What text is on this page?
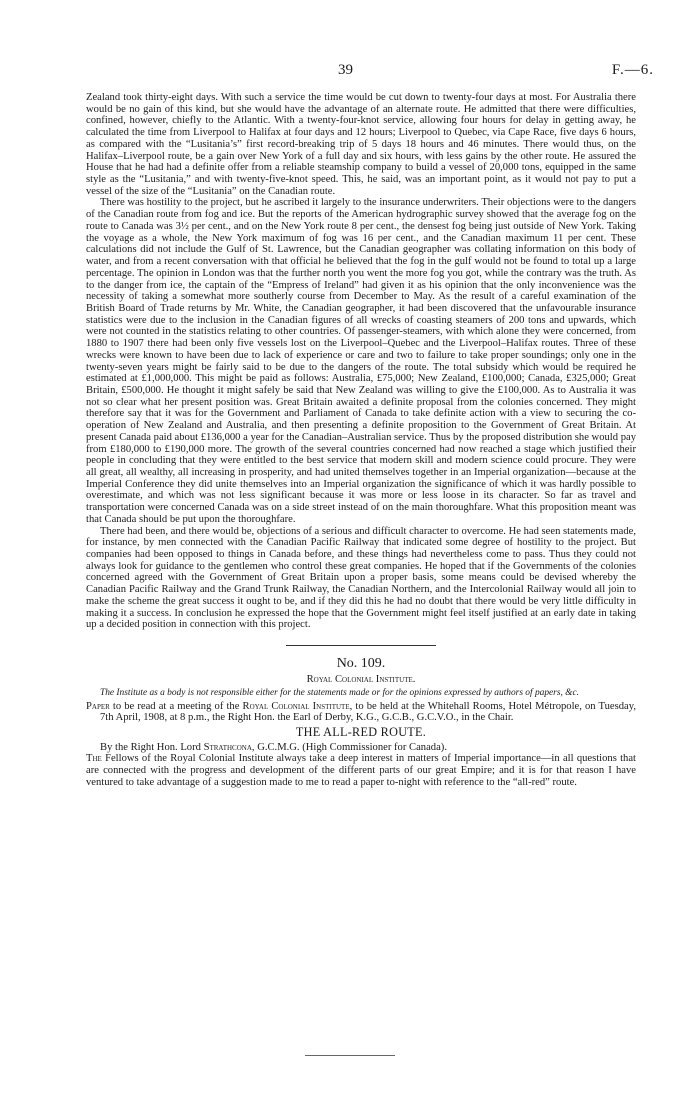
39	F.—6.

Zealand took thirty-eight days. With such a service the time would be cut down to twenty-four days at most. For Australia there would be no gain of this kind, but she would have the advantage of an alternate route. He admitted that there were difficulties, confined, however, chiefly to the Atlantic. With a twenty-four-knot service, allowing four hours for delay in getting away, he calculated the time from Liverpool to Halifax at four days and 12 hours; Liverpool to Quebec, via Cape Race, five days 6 hours, as compared with the “Lusitania’s” first record-breaking trip of 5 days 18 hours and 46 minutes. There would thus, on the Halifax–Liverpool route, be a gain over New York of a full day and six hours, with less gains by the other route. He assured the House that he had had a definite offer from a reliable steamship company to build a vessel of 20,000 tons, equipped in the same style as the “Lusitania,” and with twenty-five-knot speed. This, he said, was an important point, as it would not pay to put a vessel of the size of the “Lusitania” on the Canadian route.

There was hostility to the project, but he ascribed it largely to the insurance underwriters. Their objections were to the dangers of the Canadian route from fog and ice. But the reports of the American hydrographic survey showed that the average fog on the route to Canada was 3½ per cent., and on the New York route 8 per cent., the densest fog being just outside of New York. Taking the voyage as a whole, the New York maximum of fog was 16 per cent., and the Canadian maximum 11 per cent. These calculations did not include the Gulf of St. Lawrence, but the Canadian geographer was collating information on this body of water, and from a recent conversation with that official he believed that the fog in the gulf would not be found to total up a large percentage. The opinion in London was that the further north you went the more fog you got, while the contrary was the truth. As to the danger from ice, the captain of the “Empress of Ireland” had given it as his opinion that the only inconvenience was the necessity of taking a somewhat more southerly course from December to May. As the result of a careful examination of the British Board of Trade returns by Mr. White, the Canadian geographer, it had been discovered that the unfavourable insurance statistics were due to the inclusion in the Canadian figures of all wrecks of coasting steamers of 200 tons and upwards, which were not counted in the statistics relating to other countries. Of passenger-steamers, with which alone they were concerned, from 1880 to 1907 there had been only five vessels lost on the Liverpool–Quebec and the Liverpool–Halifax routes. Three of these wrecks were known to have been due to lack of experience or care and two to failure to take proper soundings; only one in the twenty-seven years might be fairly said to be due to the dangers of the route. The total subsidy which would be required he estimated at £1,000,000. This might be paid as follows: Australia, £75,000; New Zealand, £100,000; Canada, £325,000; Great Britain, £500,000. He thought it might safely be said that New Zealand was willing to give the £100,000. As to Australia it was not so clear what her present position was. Great Britain awaited a definite proposal from the colonies concerned. They might therefore say that it was for the Government and Parliament of Canada to take definite action with a view to securing the co-operation of New Zealand and Australia, and then presenting a definite proposition to the Government of Great Britain. At present Canada paid about £136,000 a year for the Canadian–Australian service. Thus by the proposed distribution she would pay from £180,000 to £190,000 more. The growth of the several countries concerned had now reached a stage which justified their people in concluding that they were entitled to the best service that modern skill and modern science could procure. They were all great, all wealthy, all increasing in prosperity, and had united themselves together in an Imperial organization—because at the Imperial Conference they did unite themselves into an Imperial organization the significance of which it was hardly possible to overestimate, and which was not less significant because it was more or less loose in its character. So far as travel and transportation were concerned Canada was on a side street instead of on the main thoroughfare. What this proposition meant was that Canada should be put upon the thoroughfare.

There had been, and there would be, objections of a serious and difficult character to overcome. He had seen statements made, for instance, by men connected with the Canadian Pacific Railway that indicated some degree of hostility to the project. But companies had been opposed to things in Canada before, and these things had nevertheless come to pass. Thus they could not always look for guidance to the gentlemen who control these great companies. He hoped that if the Governments of the colonies concerned agreed with the Government of Great Britain upon a proper basis, some means could be devised whereby the Canadian Pacific Railway and the Grand Trunk Railway, the Canadian Northern, and the Intercolonial Railway would all join to make the scheme the great success it ought to be, and if they did this he had no doubt that there would be very little difficulty in making it a success. In conclusion he expressed the hope that the Government might feel itself justified at an early date in taking up a decided position in connection with this project.

No. 109.

Royal Colonial Institute.

The Institute as a body is not responsible either for the statements made or for the opinions expressed by authors of papers, &c.

Paper to be read at a meeting of the Royal Colonial Institute, to be held at the Whitehall Rooms, Hotel Métropole, on Tuesday, 7th April, 1908, at 8 p.m., the Right Hon. the Earl of Derby, K.G., G.C.B., G.C.V.O., in the Chair.

THE ALL-RED ROUTE.

By the Right Hon. Lord Strathcona, G.C.M.G. (High Commissioner for Canada).

The Fellows of the Royal Colonial Institute always take a deep interest in matters of Imperial importance—in all questions that are connected with the progress and development of the different parts of our great Empire; and it is for that reason I have ventured to take advantage of a suggestion made to me to read a paper to-night with reference to the “all-red” route.
